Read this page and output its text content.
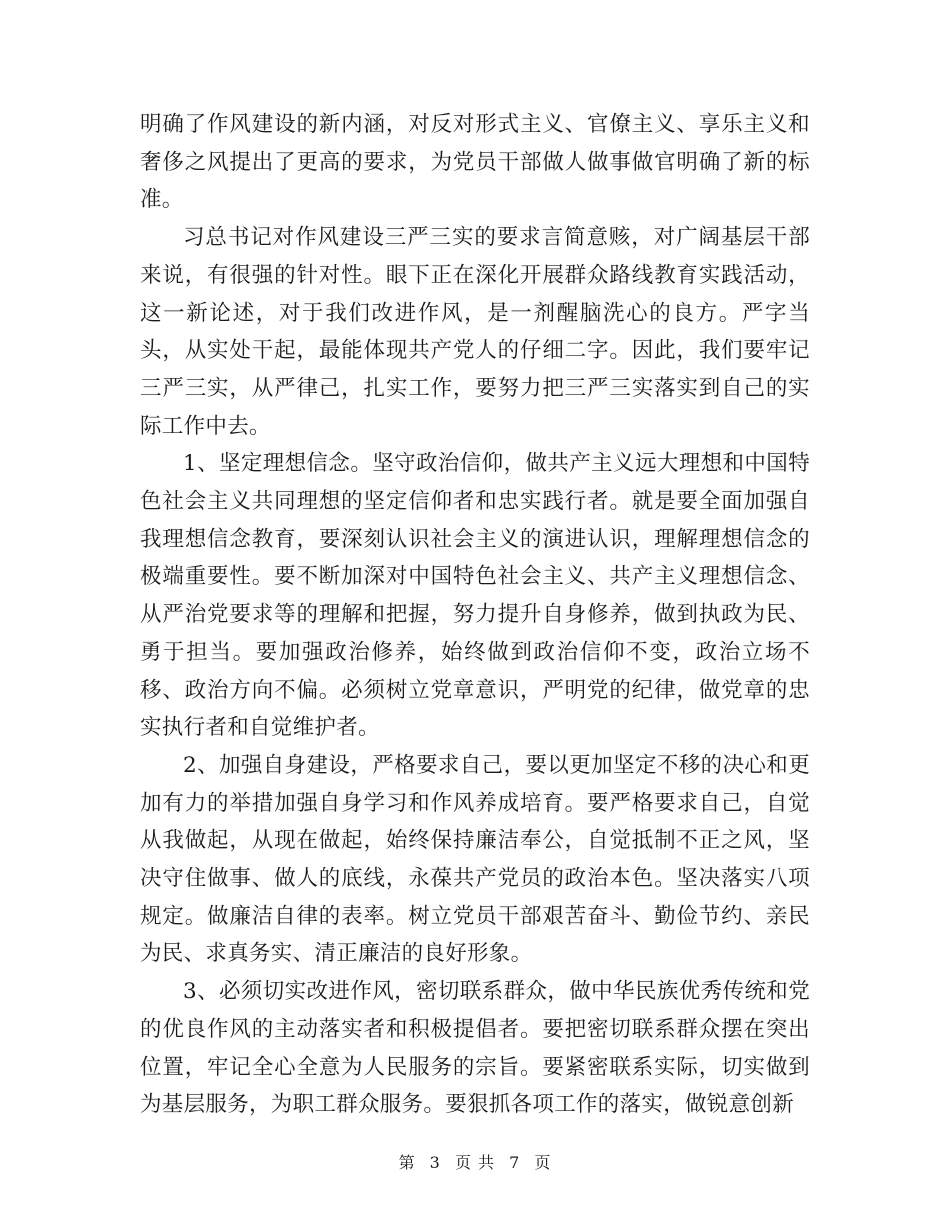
明确了作风建设的新内涵，对反对形式主义、官僚主义、享乐主义和奢侈之风提出了更高的要求，为党员干部做人做事做官明确了新的标准。

习总书记对作风建设三严三实的要求言简意赅，对广阔基层干部来说，有很强的针对性。眼下正在深化开展群众路线教育实践活动，这一新论述，对于我们改进作风，是一剂醒脑洗心的良方。严字当头，从实处干起，最能体现共产党人的仔细二字。因此，我们要牢记三严三实，从严律己，扎实工作，要努力把三严三实落实到自己的实际工作中去。

1、坚定理想信念。坚守政治信仰，做共产主义远大理想和中国特色社会主义共同理想的坚定信仰者和忠实践行者。就是要全面加强自我理想信念教育，要深刻认识社会主义的演进认识，理解理想信念的极端重要性。要不断加深对中国特色社会主义、共产主义理想信念、从严治党要求等的理解和把握，努力提升自身修养，做到执政为民、勇于担当。要加强政治修养，始终做到政治信仰不变，政治立场不移、政治方向不偏。必须树立党章意识，严明党的纪律，做党章的忠实执行者和自觉维护者。

2、加强自身建设，严格要求自己，要以更加坚定不移的决心和更加有力的举措加强自身学习和作风养成培育。要严格要求自己，自觉从我做起，从现在做起，始终保持廉洁奉公，自觉抵制不正之风，坚决守住做事、做人的底线，永葆共产党员的政治本色。坚决落实八项规定。做廉洁自律的表率。树立党员干部艰苦奋斗、勤俭节约、亲民为民、求真务实、清正廉洁的良好形象。

3、必须切实改进作风，密切联系群众，做中华民族优秀传统和党的优良作风的主动落实者和积极提倡者。要把密切联系群众摆在突出位置，牢记全心全意为人民服务的宗旨。要紧密联系实际，切实做到为基层服务，为职工群众服务。要狠抓各项工作的落实，做锐意创新

第 3 页 共 7 页
